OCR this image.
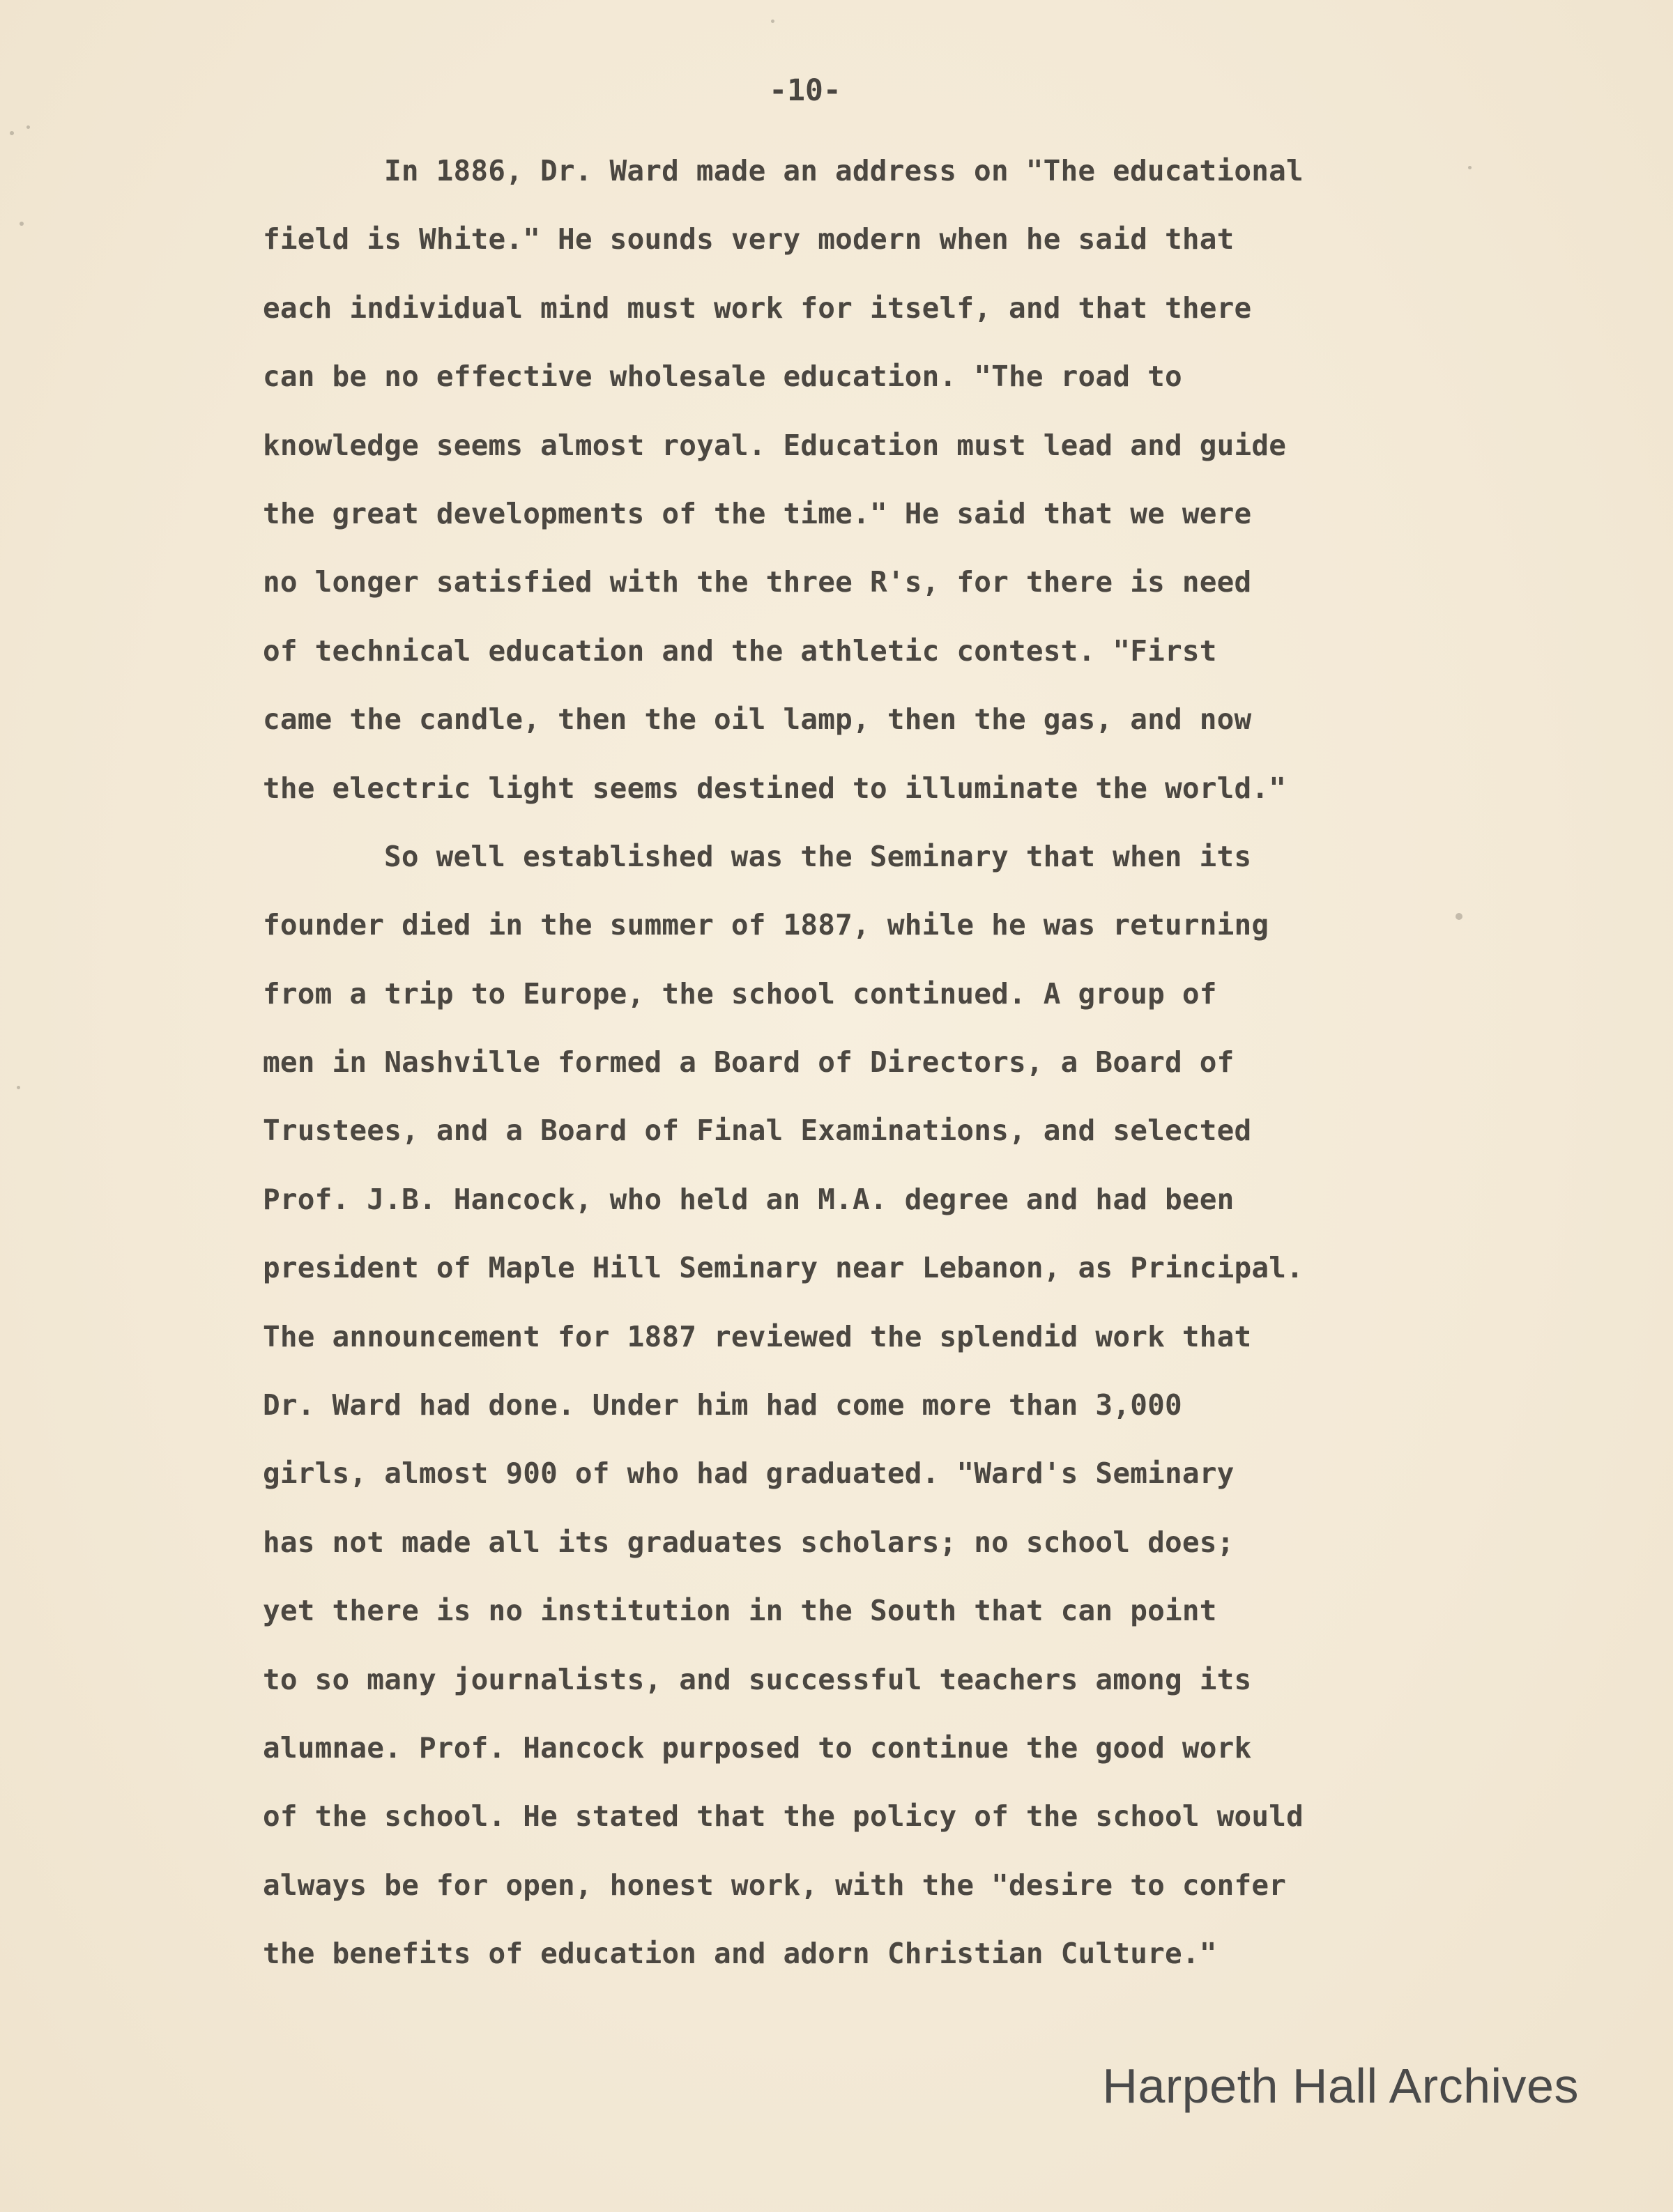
-10-
In 1886, Dr. Ward made an address on "The educational
field is White." He sounds very modern when he said that
each individual mind must work for itself, and that there
can be no effective wholesale education. "The road to
knowledge seems almost royal. Education must lead and guide
the great developments of the time." He said that we were
no longer satisfied with the three R's, for there is need
of technical education and the athletic contest. "First
came the candle, then the oil lamp, then the gas, and now
the electric light seems destined to illuminate the world."
So well established was the Seminary that when its
founder died in the summer of 1887, while he was returning
from a trip to Europe, the school continued. A group of
men in Nashville formed a Board of Directors, a Board of
Trustees, and a Board of Final Examinations, and selected
Prof. J.B. Hancock, who held an M.A. degree and had been
president of Maple Hill Seminary near Lebanon, as Principal.
The announcement for 1887 reviewed the splendid work that
Dr. Ward had done. Under him had come more than 3,000
girls, almost 900 of who had graduated. "Ward's Seminary
has not made all its graduates scholars; no school does;
yet there is no institution in the South that can point
to so many journalists, and successful teachers among its
alumnae. Prof. Hancock purposed to continue the good work
of the school. He stated that the policy of the school would
always be for open, honest work, with the "desire to confer
the benefits of education and adorn Christian Culture."
Harpeth Hall Archives
